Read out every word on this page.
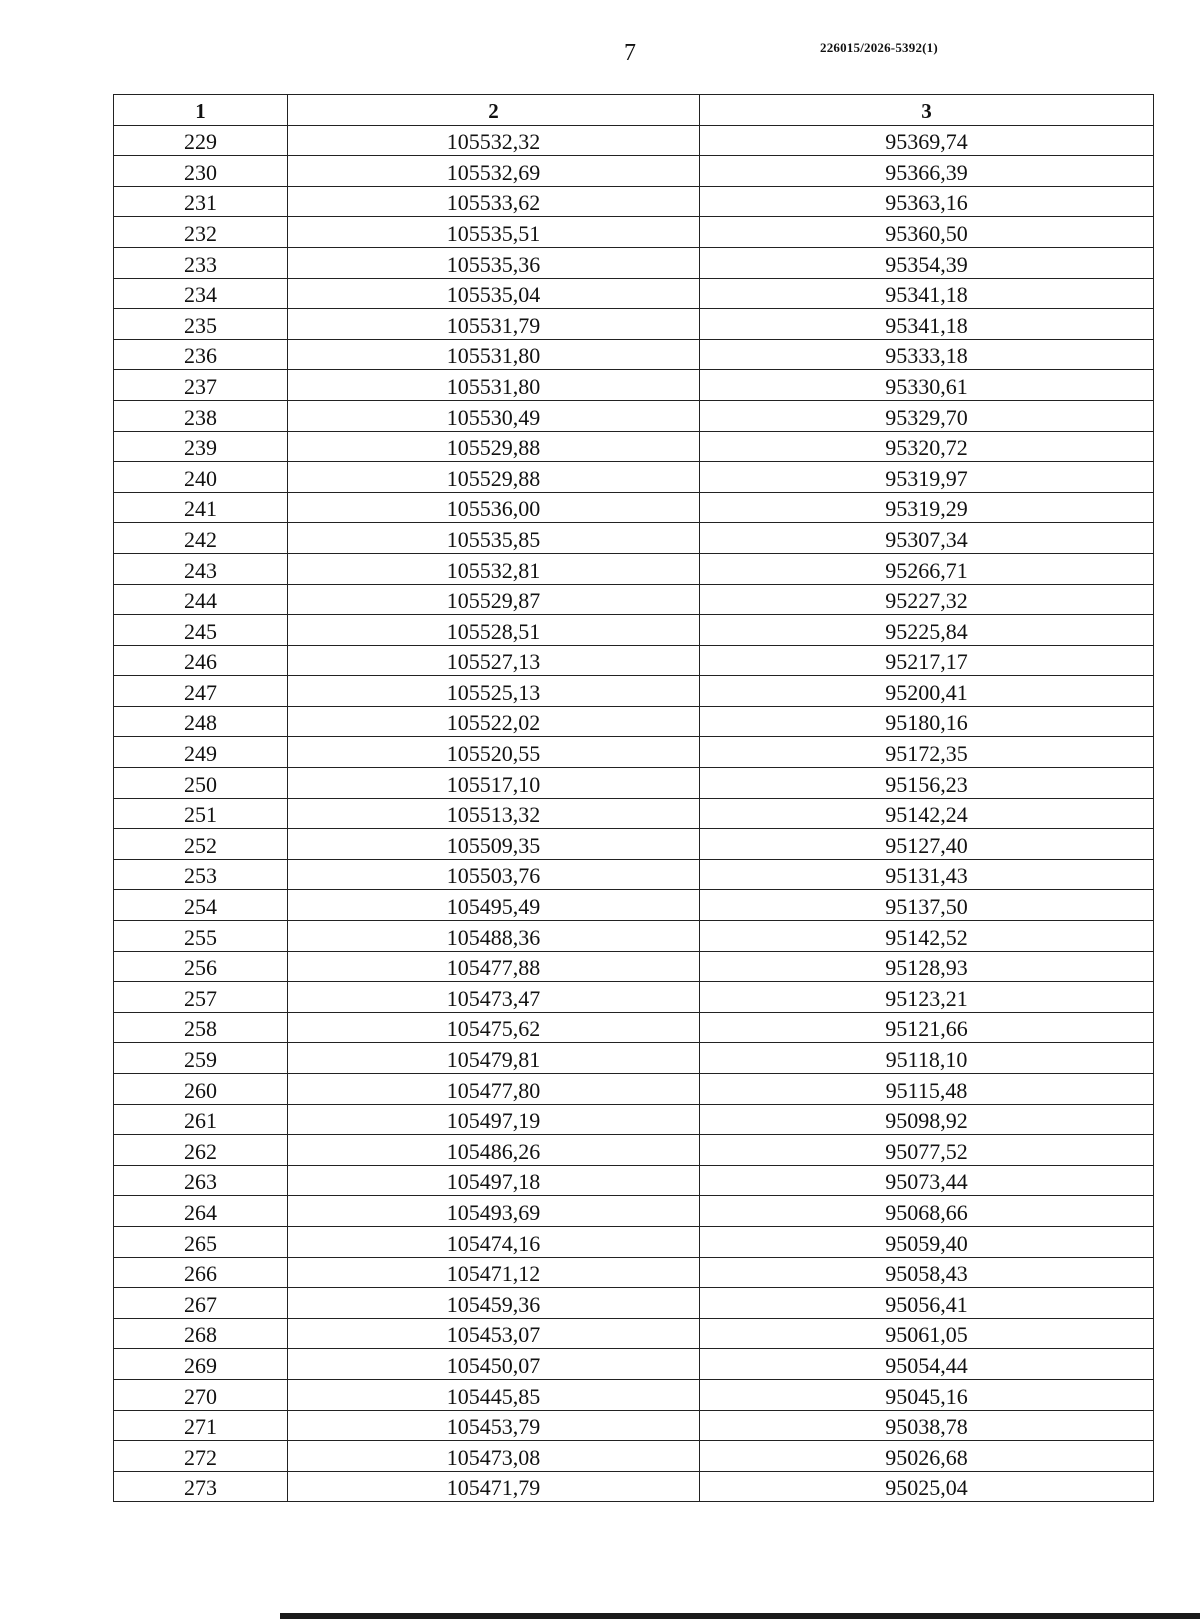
7	226015/2026-5392(1)
1	2	3
229	105532,32	95369,74
230	105532,69	95366,39
231	105533,62	95363,16
232	105535,51	95360,50
233	105535,36	95354,39
234	105535,04	95341,18
235	105531,79	95341,18
236	105531,80	95333,18
237	105531,80	95330,61
238	105530,49	95329,70
239	105529,88	95320,72
240	105529,88	95319,97
241	105536,00	95319,29
242	105535,85	95307,34
243	105532,81	95266,71
244	105529,87	95227,32
245	105528,51	95225,84
246	105527,13	95217,17
247	105525,13	95200,41
248	105522,02	95180,16
249	105520,55	95172,35
250	105517,10	95156,23
251	105513,32	95142,24
252	105509,35	95127,40
253	105503,76	95131,43
254	105495,49	95137,50
255	105488,36	95142,52
256	105477,88	95128,93
257	105473,47	95123,21
258	105475,62	95121,66
259	105479,81	95118,10
260	105477,80	95115,48
261	105497,19	95098,92
262	105486,26	95077,52
263	105497,18	95073,44
264	105493,69	95068,66
265	105474,16	95059,40
266	105471,12	95058,43
267	105459,36	95056,41
268	105453,07	95061,05
269	105450,07	95054,44
270	105445,85	95045,16
271	105453,79	95038,78
272	105473,08	95026,68
273	105471,79	95025,04
